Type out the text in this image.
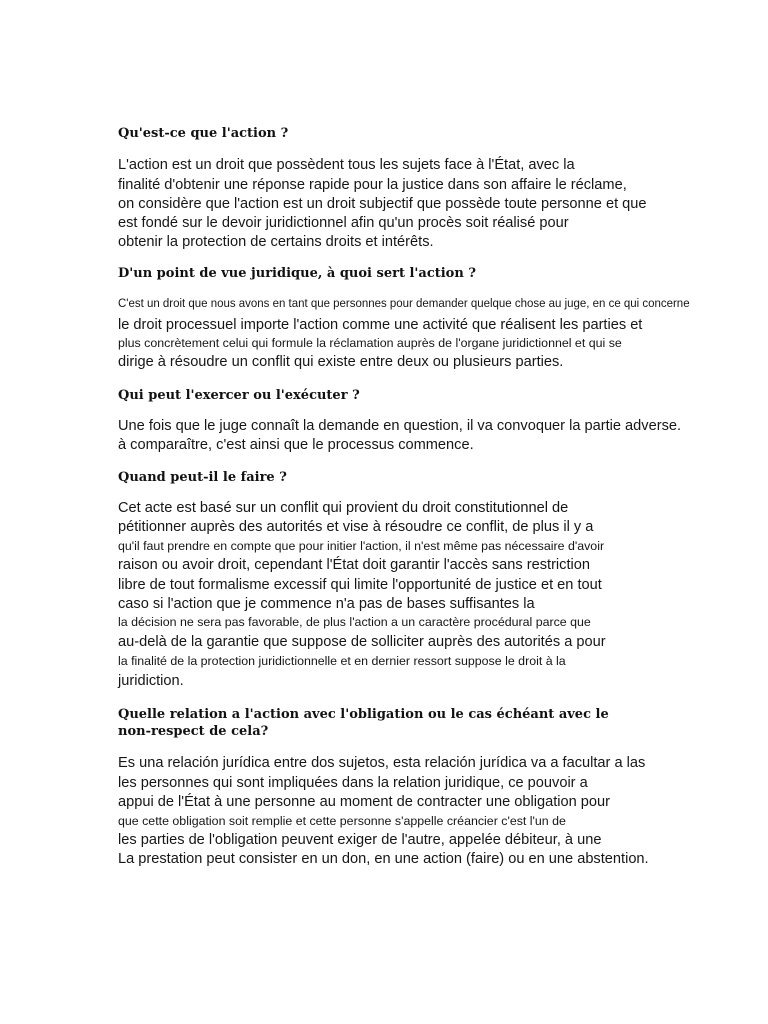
Qu'est-ce que l'action ?
L'action est un droit que possèdent tous les sujets face à l'État, avec la
finalité d'obtenir une réponse rapide pour la justice dans son affaire le réclame,
on considère que l'action est un droit subjectif que possède toute personne et que
est fondé sur le devoir juridictionnel afin qu'un procès soit réalisé pour
obtenir la protection de certains droits et intérêts.
D'un point de vue juridique, à quoi sert l'action ?
C'est un droit que nous avons en tant que personnes pour demander quelque chose au juge, en ce qui concerne
le droit processuel importe l'action comme une activité que réalisent les parties et
plus concrètement celui qui formule la réclamation auprès de l'organe juridictionnel et qui se
dirige à résoudre un conflit qui existe entre deux ou plusieurs parties.
Qui peut l'exercer ou l'exécuter ?
Une fois que le juge connaît la demande en question, il va convoquer la partie adverse.
à comparaître, c'est ainsi que le processus commence.
Quand peut-il le faire ?
Cet acte est basé sur un conflit qui provient du droit constitutionnel de
pétitionner auprès des autorités et vise à résoudre ce conflit, de plus il y a
qu'il faut prendre en compte que pour initier l'action, il n'est même pas nécessaire d'avoir
raison ou avoir droit, cependant l'État doit garantir l'accès sans restriction
libre de tout formalisme excessif qui limite l'opportunité de justice et en tout
caso si l'action que je commence n'a pas de bases suffisantes la
la décision ne sera pas favorable, de plus l'action a un caractère procédural parce que
au-delà de la garantie que suppose de solliciter auprès des autorités a pour
la finalité de la protection juridictionnelle et en dernier ressort suppose le droit à la
juridiction.
Quelle relation a l'action avec l'obligation ou le cas échéant avec le
non-respect de cela?
Es una relación jurídica entre dos sujetos, esta relación jurídica va a facultar a las
les personnes qui sont impliquées dans la relation juridique, ce pouvoir a
appui de l'État à une personne au moment de contracter une obligation pour
que cette obligation soit remplie et cette personne s'appelle créancier c'est l'un de
les parties de l'obligation peuvent exiger de l'autre, appelée débiteur, à une
La prestation peut consister en un don, en une action (faire) ou en une abstention.
